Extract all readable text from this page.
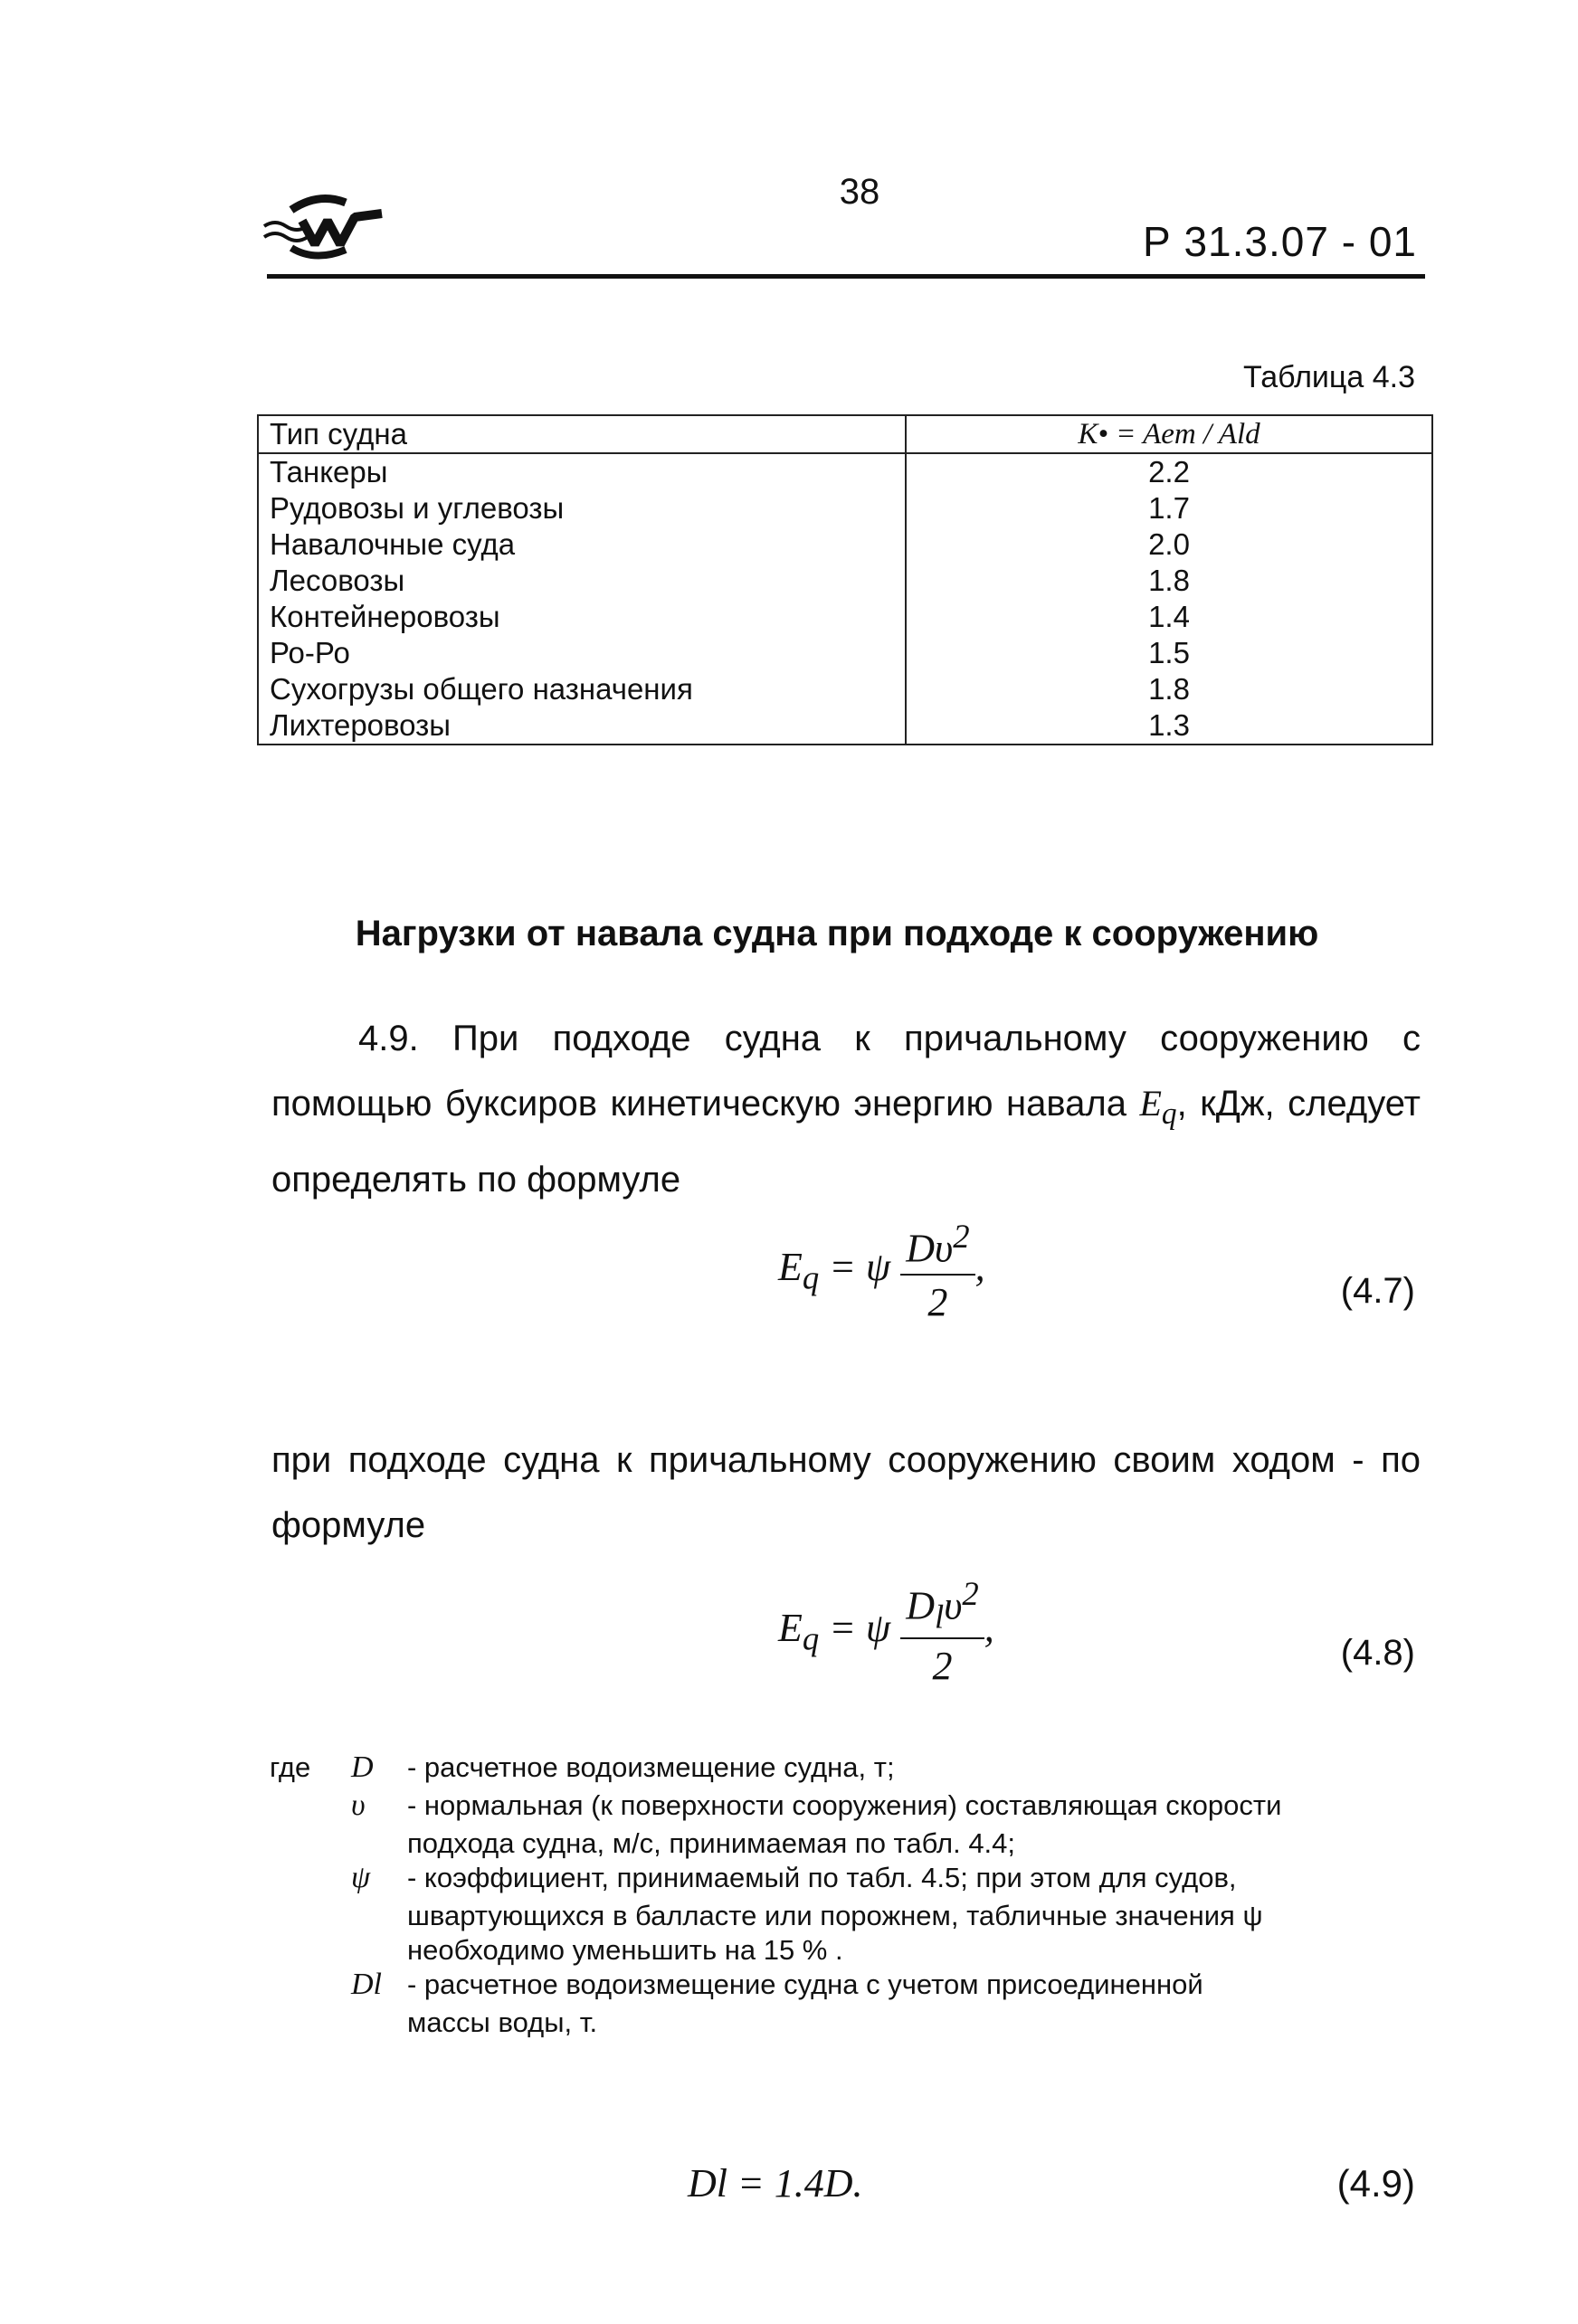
38
Р 31.3.07 - 01
Таблица 4.3
Тип судна	K• = Aem / Ald
Танкеры	2.2
Рудовозы и углевозы	1.7
Навалочные суда	2.0
Лесовозы	1.8
Контейнеровозы	1.4
Ро-Ро	1.5
Сухогрузы общего назначения	1.8
Лихтеровозы	1.3
Нагрузки от навала судна при подходе к сооружению
4.9. При подходе судна к причальному сооружению с помощью буксиров кинетическую энергию навала $E_q$, кДж, следует определять по формуле
$E_q = \psi \frac{D\upsilon^2}{2}$ ,
(4.7)
при подходе судна к причальному сооружению своим ходом - по формуле
$E_q = \psi \frac{D_l\upsilon^2}{2}$ ,
(4.8)
где	D	- расчетное водоизмещение судна, т;
υ	- нормальная (к поверхности сооружения) составляющая скорости
подхода судна, м/с, принимаемая по табл. 4.4;
ψ	- коэффициент, принимаемый по табл. 4.5; при этом для судов,
швартующихся в балласте или порожнем, табличные значения ψ
необходимо уменьшить на 15 % .
Dl - расчетное водоизмещение судна с учетом присоединенной
массы воды, т.
Dl = 1.4D.	(4.9)
